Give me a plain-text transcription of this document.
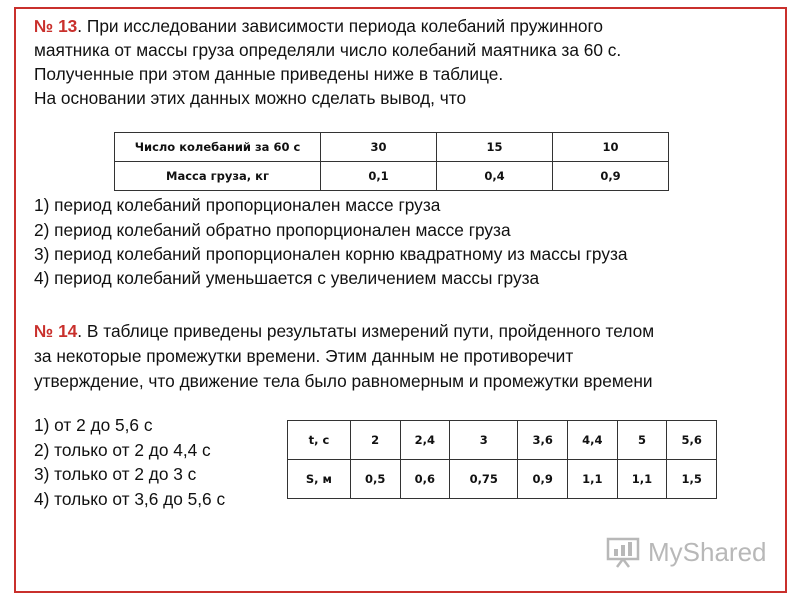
№ 13. При исследовании зависимости периода колебаний пружинного
маятника от массы груза определяли число колебаний маятника за 60 с.
Полученные при этом данные приведены ниже в таблице.
На основании этих данных можно сделать вывод, что
Число колебаний за 60 с	30	15	10
Масса груза, кг	0,1	0,4	0,9
1) период колебаний пропорционален массе груза
2) период колебаний обратно пропорционален массе груза
3) период колебаний пропорционален корню квадратному из массы груза
4) период колебаний уменьшается с увеличением массы груза
№ 14. В таблице приведены результаты измерений пути, пройденного телом
за некоторые промежутки времени. Этим данным не противоречит
утверждение, что движение тела было равномерным и промежутки времени
1) от 2 до 5,6 с
2) только от 2 до 4,4 с
3) только от 2 до 3 с
4) только от 3,6 до 5,6 с
t, с	2	2,4	3	3,6	4,4	5	5,6
S, м	0,5	0,6	0,75	0,9	1,1	1,1	1,5
MyShared
